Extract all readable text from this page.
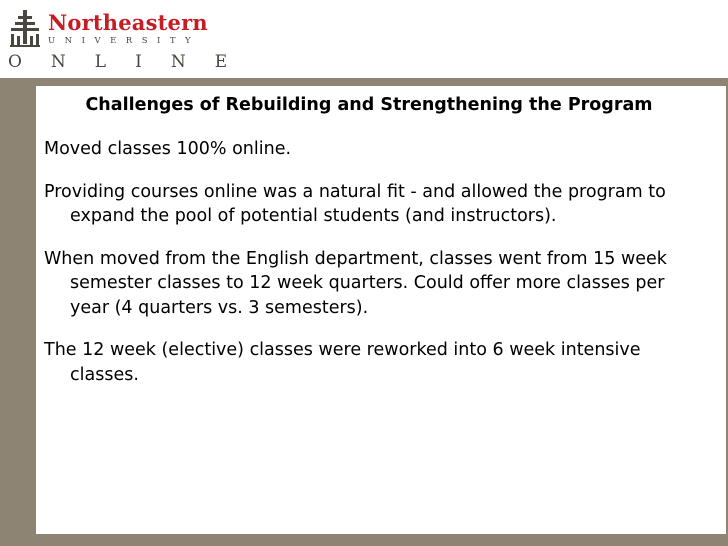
Northeastern
UNIVERSITY
ONLINE
Challenges of Rebuilding and Strengthening the Program

Moved classes 100% online.

Providing courses online was a natural fit - and allowed the program to expand the pool of potential students (and instructors).

When moved from the English department, classes went from 15 week semester classes to 12 week quarters. Could offer more classes per year (4 quarters vs. 3 semesters).

The 12 week (elective) classes were reworked into 6 week intensive classes.
